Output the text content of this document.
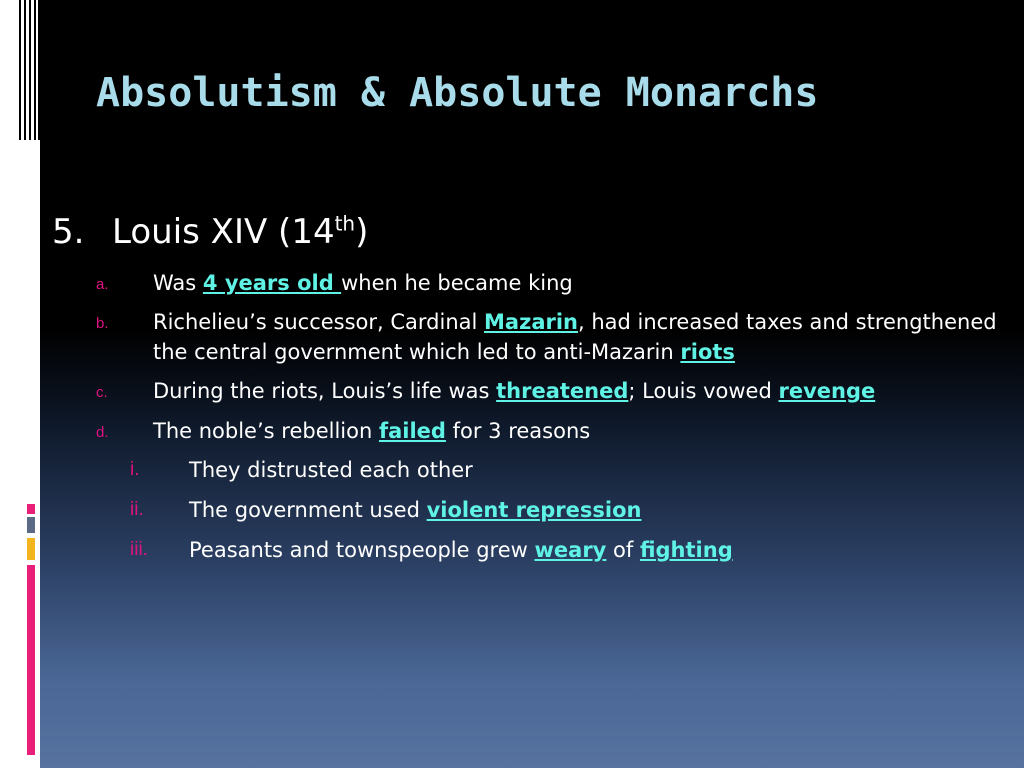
Absolutism & Absolute Monarchs
5. Louis XIV (14th)
a. Was 4 years old when he became king
b. Richelieu’s successor, Cardinal Mazarin, had increased taxes and strengthened
the central government which led to anti-Mazarin riots
c. During the riots, Louis’s life was threatened; Louis vowed revenge
d. The noble’s rebellion failed for 3 reasons
i. They distrusted each other
ii. The government used violent repression
iii. Peasants and townspeople grew weary of fighting
